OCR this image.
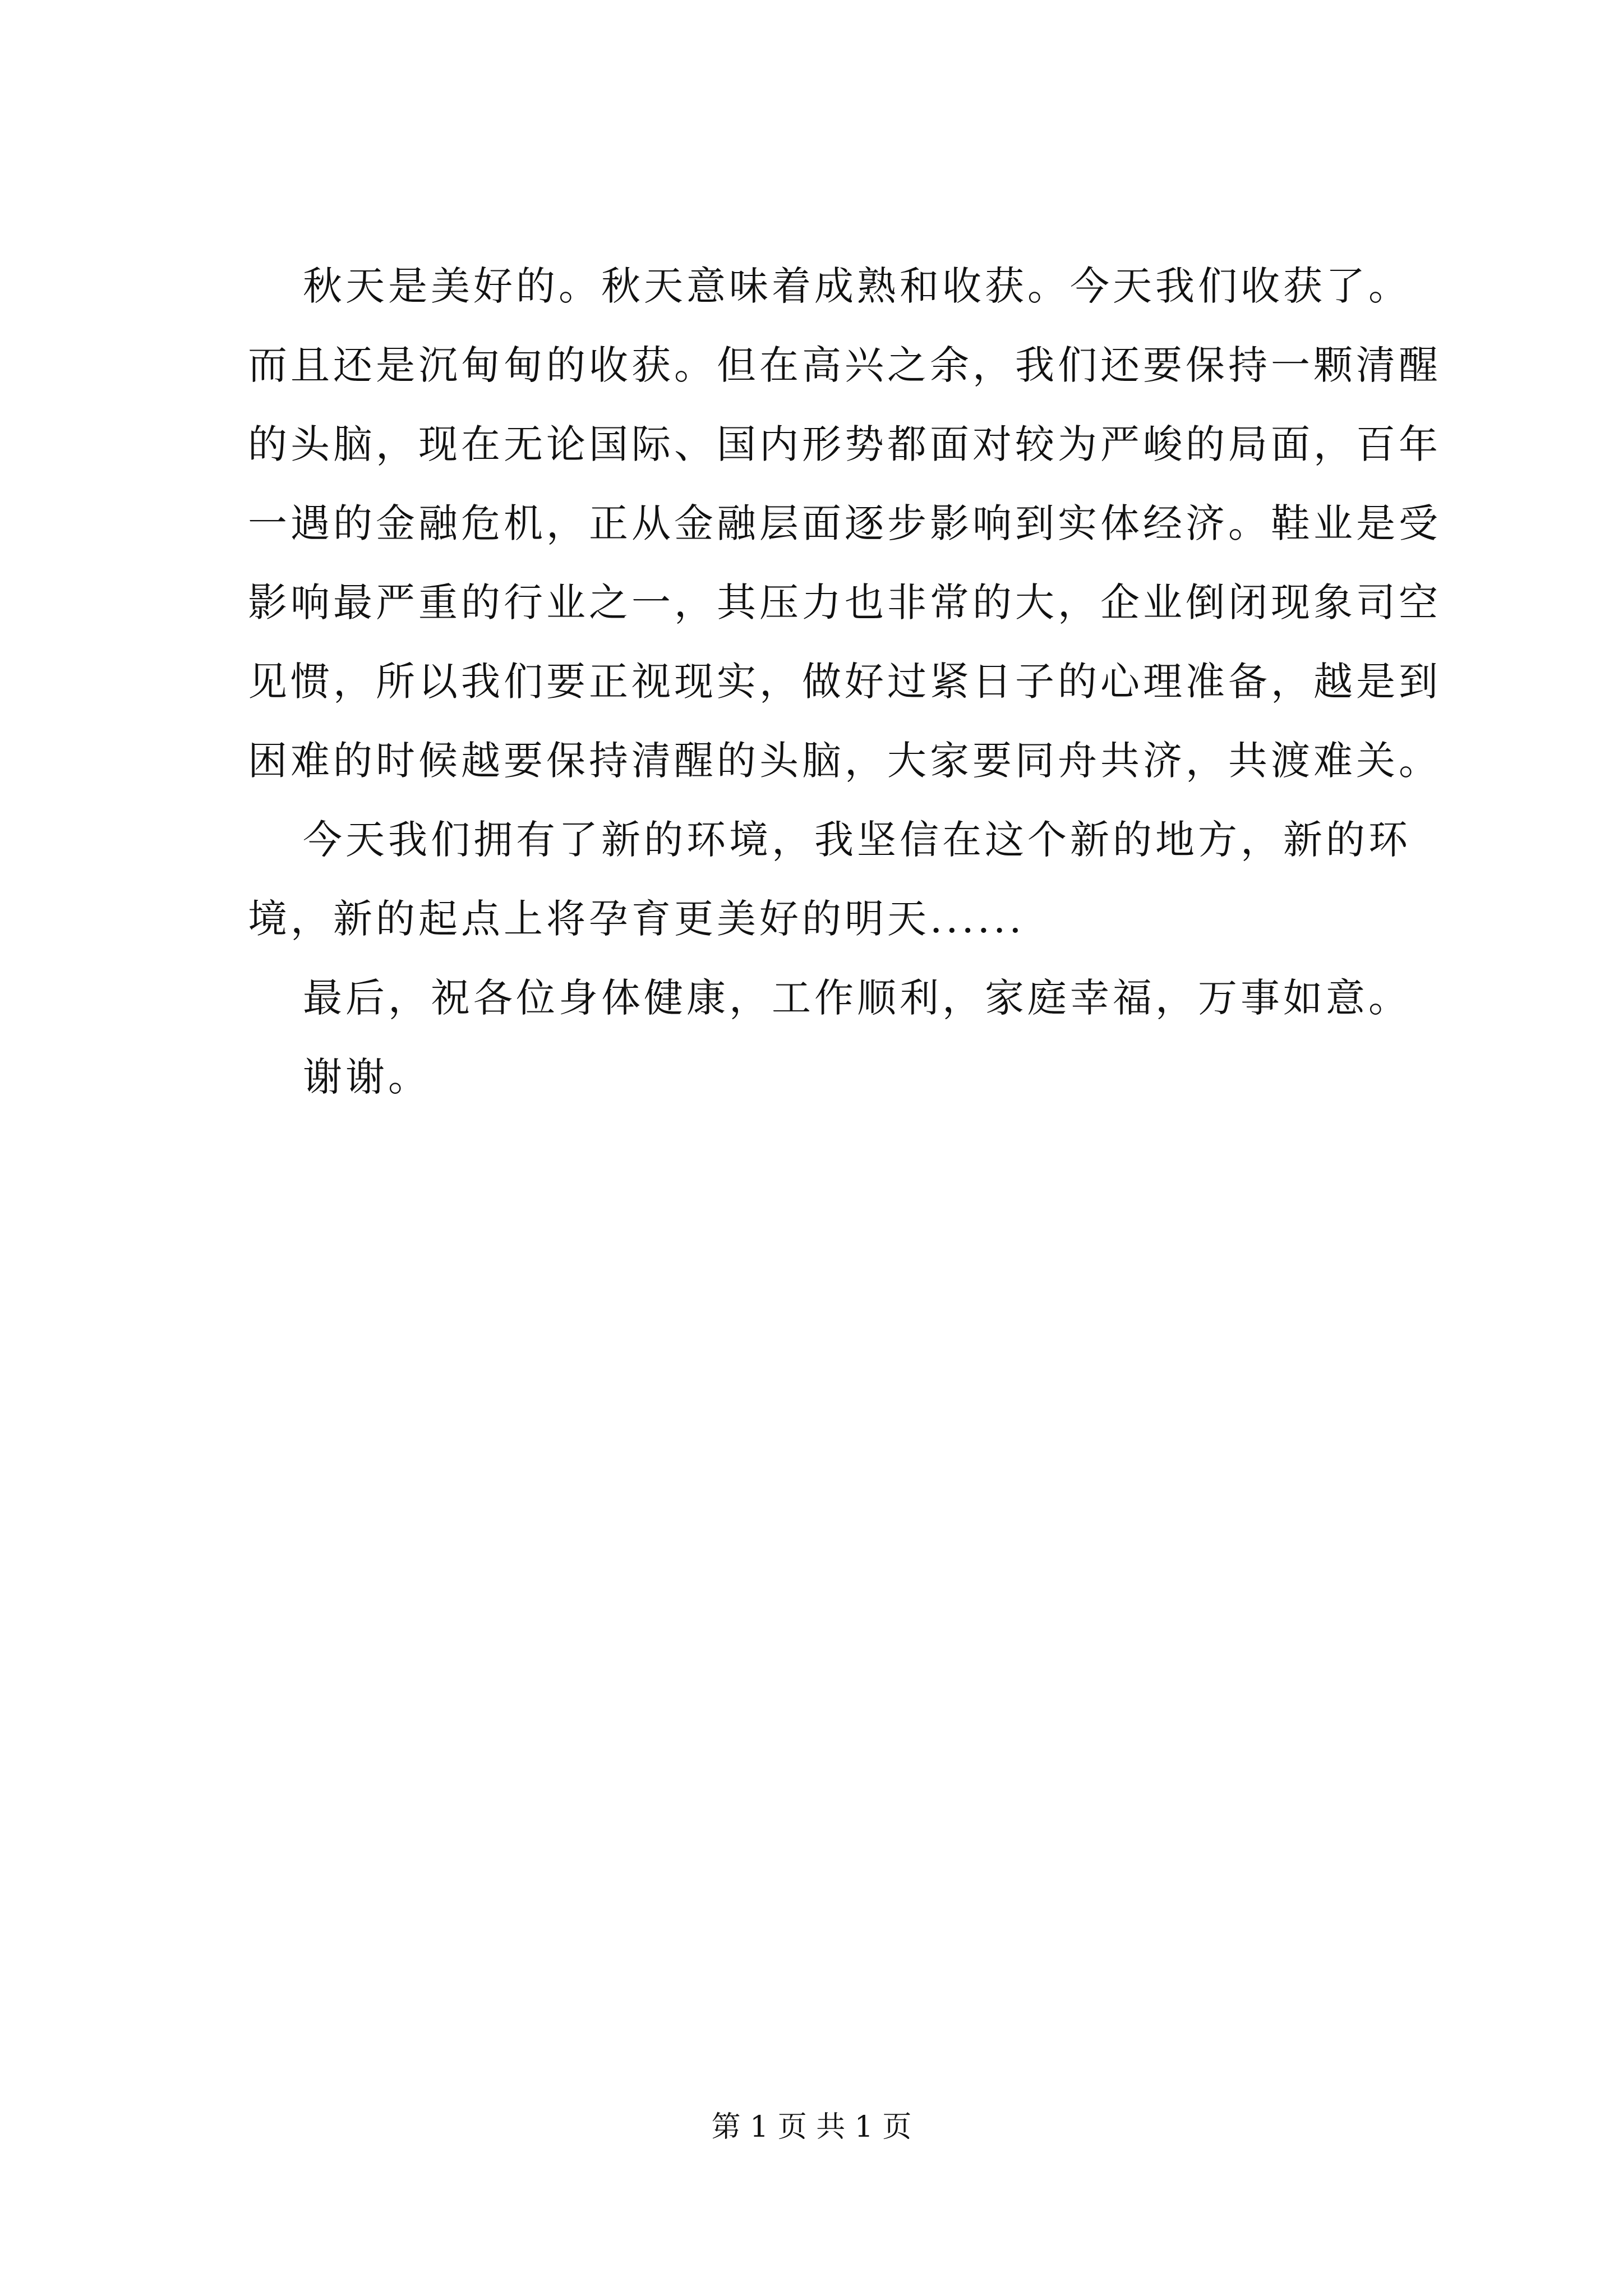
秋天是美好的。秋天意味着成熟和收获。今天我们收获了。
而且还是沉甸甸的收获。但在高兴之余，我们还要保持一颗清醒
的头脑，现在无论国际、国内形势都面对较为严峻的局面，百年
一遇的金融危机，正从金融层面逐步影响到实体经济。鞋业是受
影响最严重的行业之一，其压力也非常的大，企业倒闭现象司空
见惯，所以我们要正视现实，做好过紧日子的心理准备，越是到
困难的时候越要保持清醒的头脑，大家要同舟共济，共渡难关。
今天我们拥有了新的环境，我坚信在这个新的地方，新的环
境，新的起点上将孕育更美好的明天......
最后，祝各位身体健康，工作顺利，家庭幸福，万事如意。
谢谢。
第 1 页 共 1 页
